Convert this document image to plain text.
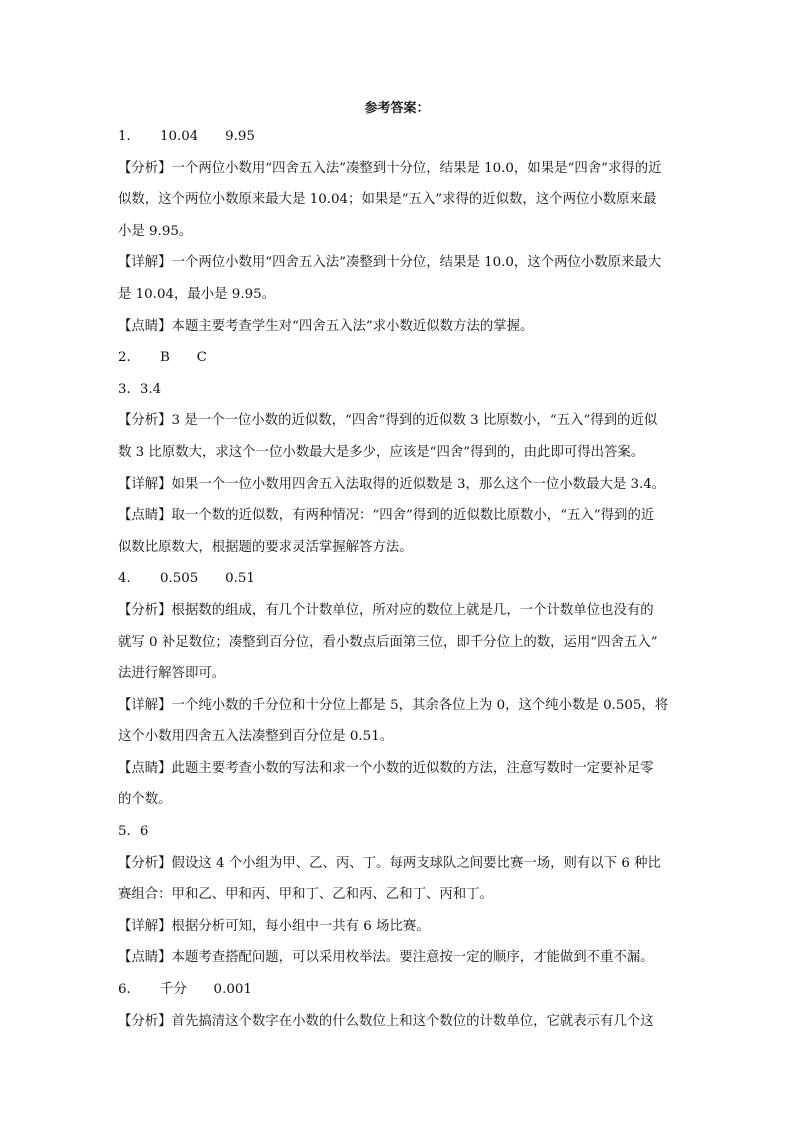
参考答案：
1．　　10.04　　9.95
【分析】一个两位小数用“四舍五入法”凑整到十分位，结果是 10.0，如果是“四舍”求得的近
似数，这个两位小数原来最大是 10.04；如果是“五入”求得的近似数，这个两位小数原来最
小是 9.95。
【详解】一个两位小数用“四舍五入法”凑整到十分位，结果是 10.0，这个两位小数原来最大
是 10.04，最小是 9.95。
【点睛】本题主要考查学生对“四舍五入法”求小数近似数方法的掌握。
2．　　B　　C
3．3.4
【分析】3 是一个一位小数的近似数，“四舍”得到的近似数 3 比原数小，“五入”得到的近似
数 3 比原数大，求这个一位小数最大是多少，应该是“四舍”得到的，由此即可得出答案。
【详解】如果一个一位小数用四舍五入法取得的近似数是 3，那么这个一位小数最大是 3.4。
【点睛】取一个数的近似数，有两种情况：“四舍”得到的近似数比原数小，“五入”得到的近
似数比原数大，根据题的要求灵活掌握解答方法。
4．　　0.505　　0.51
【分析】根据数的组成，有几个计数单位，所对应的数位上就是几，一个计数单位也没有的
就写 0 补足数位；凑整到百分位，看小数点后面第三位，即千分位上的数，运用“四舍五入”
法进行解答即可。
【详解】一个纯小数的千分位和十分位上都是 5，其余各位上为 0，这个纯小数是 0.505，将
这个小数用四舍五入法凑整到百分位是 0.51。
【点睛】此题主要考查小数的写法和求一个小数的近似数的方法，注意写数时一定要补足零
的个数。
5．6
【分析】假设这 4 个小组为甲、乙、丙、丁。每两支球队之间要比赛一场，则有以下 6 种比
赛组合：甲和乙、甲和丙、甲和丁、乙和丙、乙和丁、丙和丁。
【详解】根据分析可知，每小组中一共有 6 场比赛。
【点睛】本题考查搭配问题，可以采用枚举法。要注意按一定的顺序，才能做到不重不漏。
6．　　千分　　0.001
【分析】首先搞清这个数字在小数的什么数位上和这个数位的计数单位，它就表示有几个这
